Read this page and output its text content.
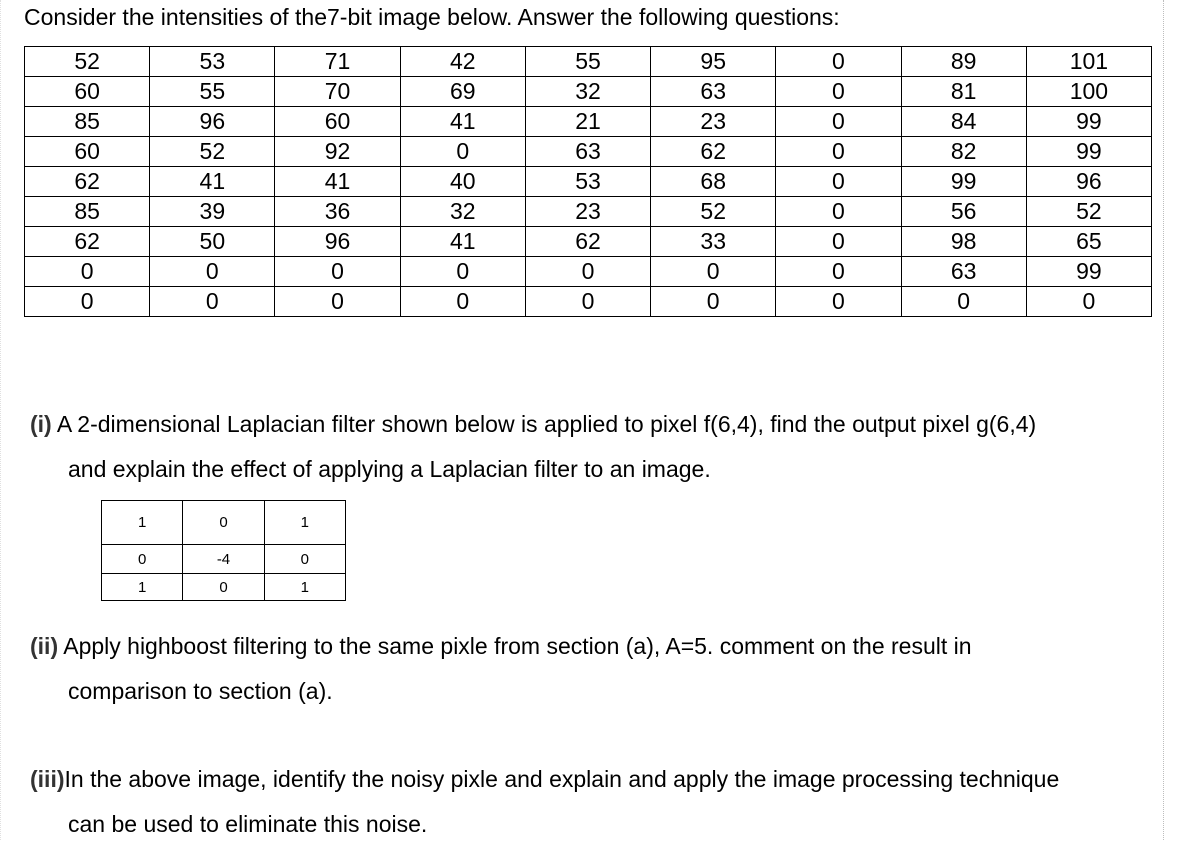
Consider the intensities of the7-bit image below. Answer the following questions:
52	53	71	42	55	95	0	89	101
60	55	70	69	32	63	0	81	100
85	96	60	41	21	23	0	84	99
60	52	92	0	63	62	0	82	99
62	41	41	40	53	68	0	99	96
85	39	36	32	23	52	0	56	52
62	50	96	41	62	33	0	98	65
0	0	0	0	0	0	0	63	99
0	0	0	0	0	0	0	0	0
(i) A 2-dimensional Laplacian filter shown below is applied to pixel f(6,4), find the output pixel g(6,4)
and explain the effect of applying a Laplacian filter to an image.
1	0	1
0	-4	0
1	0	1
(ii) Apply highboost filtering to the same pixle from section (a), A=5. comment on the result in
comparison to section (a).
(iii)In the above image, identify the noisy pixle and explain and apply the image processing technique
can be used to eliminate this noise.
